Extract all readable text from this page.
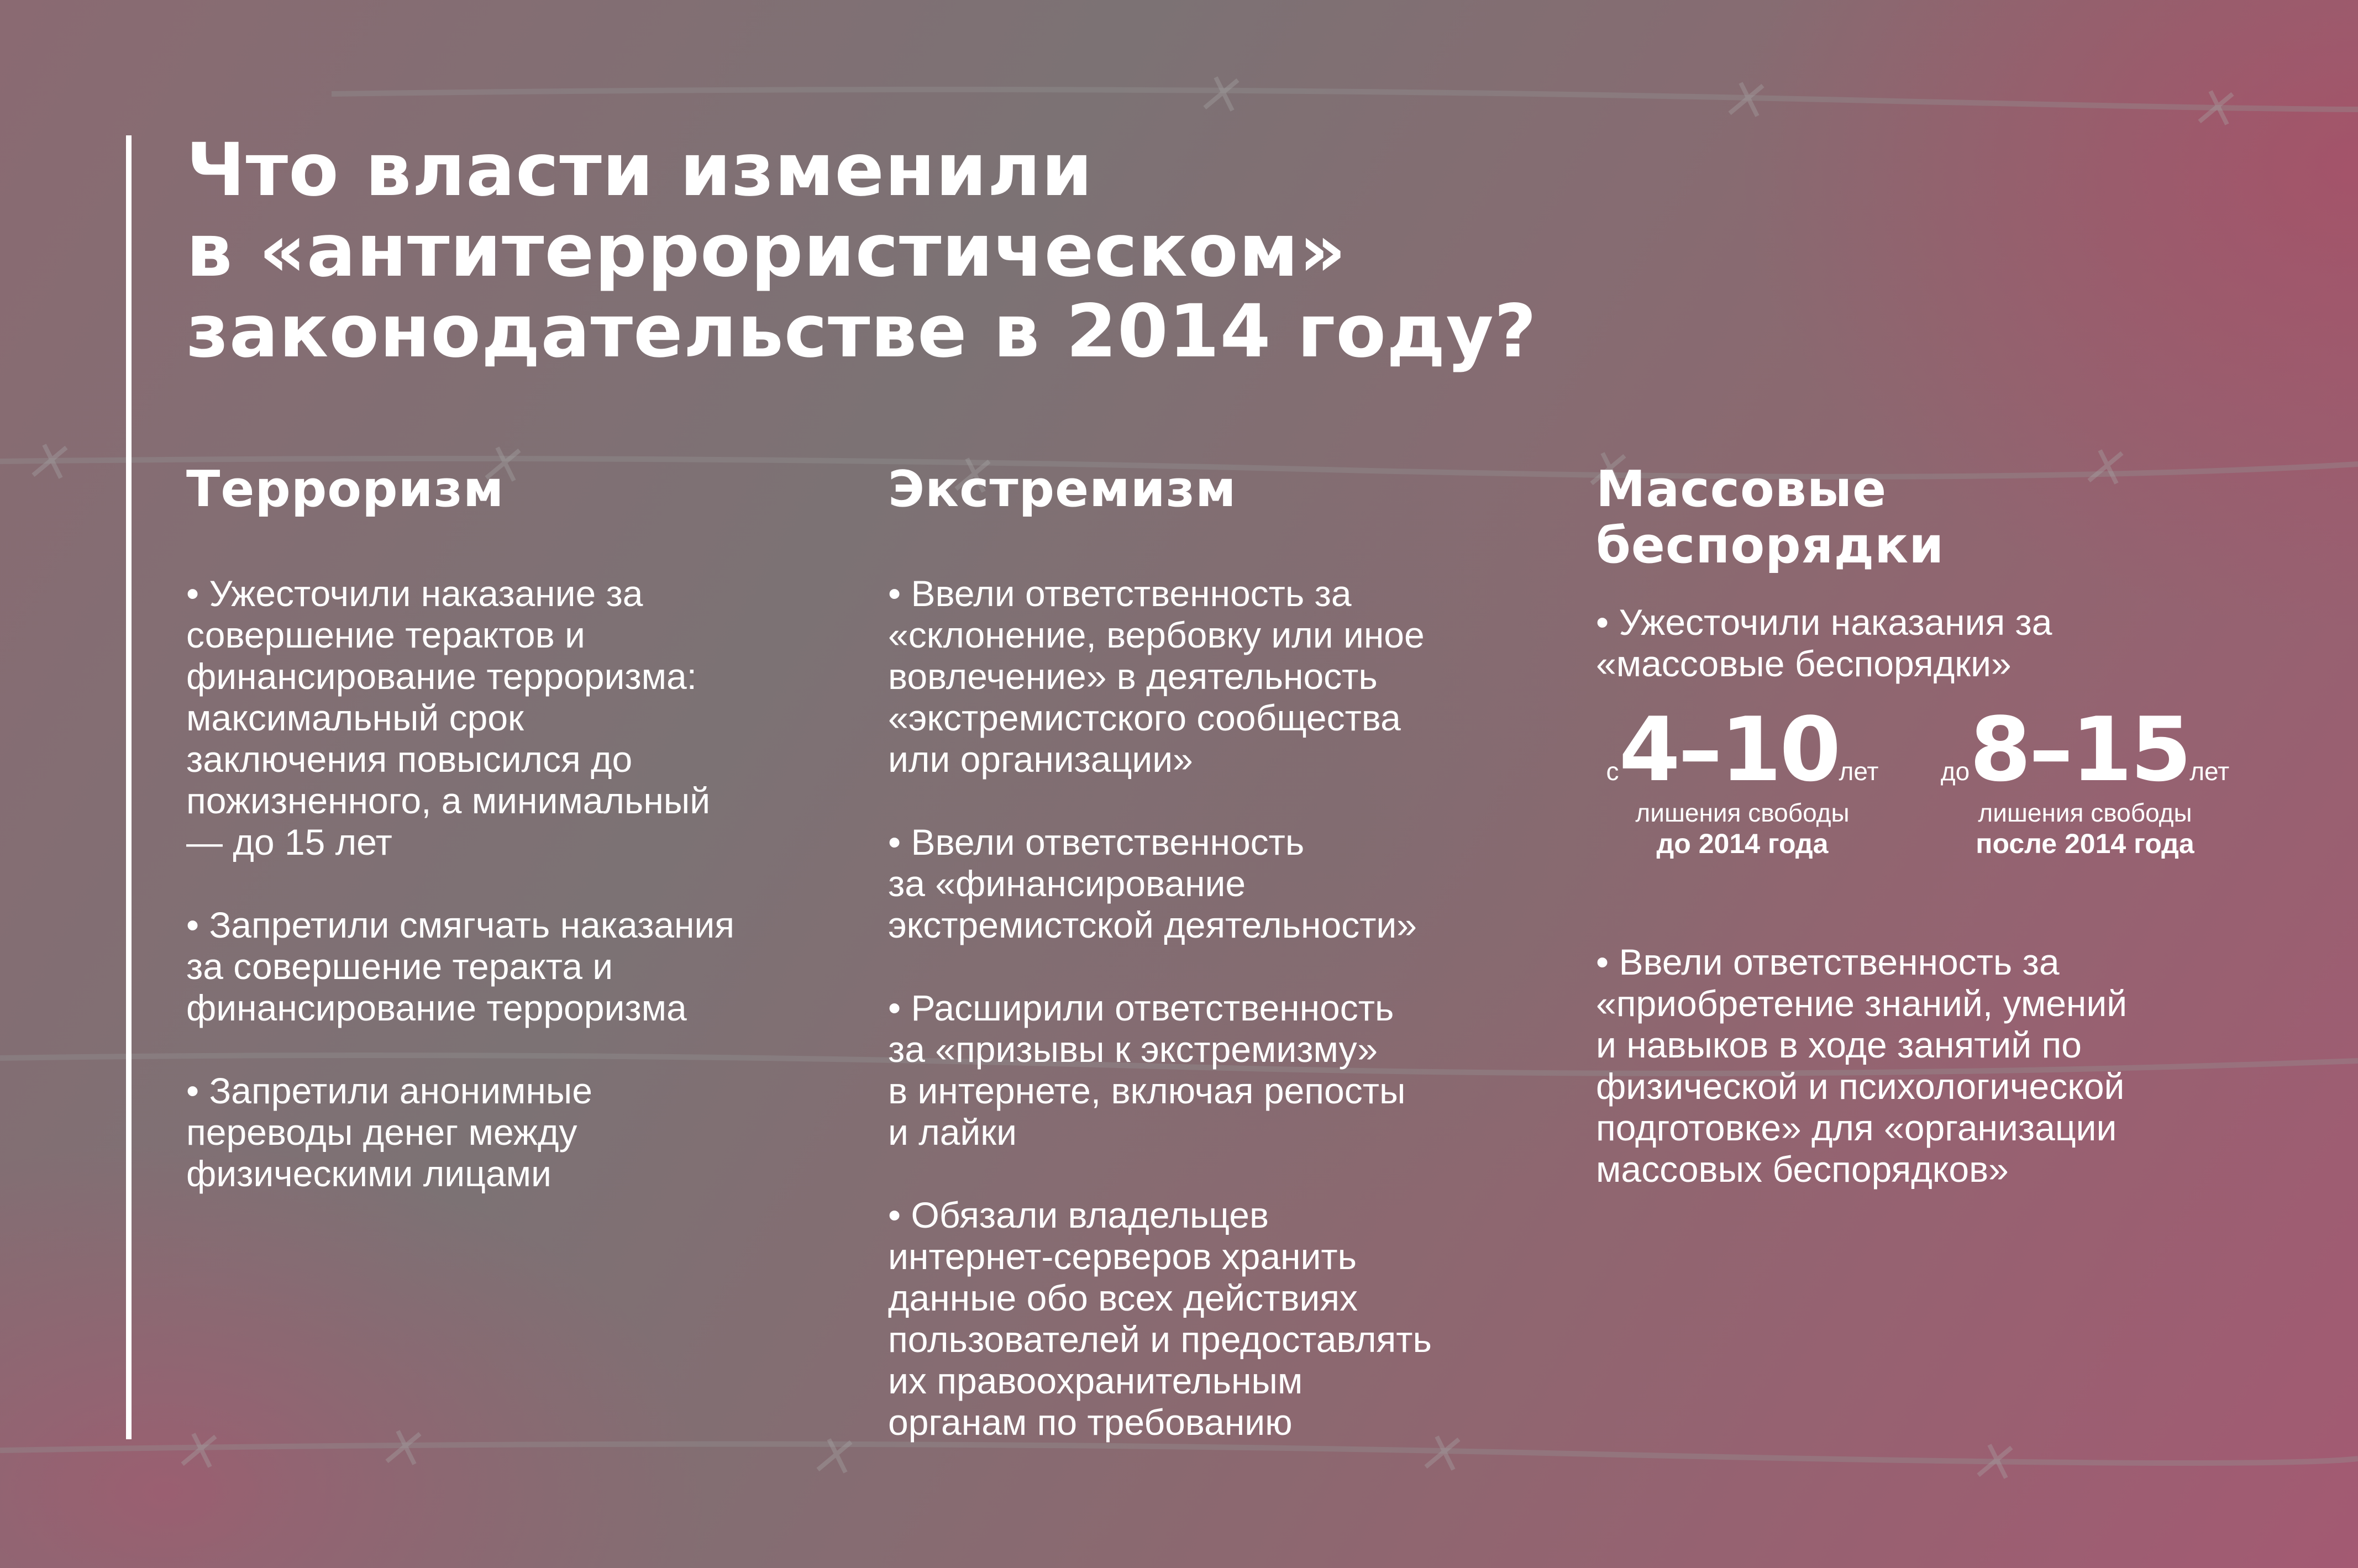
Что власти изменили
в «антитеррористическом»
законодательстве в 2014 году?
Терроризм

• Ужесточили наказание за
совершение терактов и
финансирование терроризма:
максимальный срок
заключения повысился до
пожизненного, а минимальный
— до 15 лет

• Запретили смягчать наказания
за совершение теракта и
финансирование терроризма

• Запретили анонимные
переводы денег между
физическими лицами

Экстремизм

• Ввели ответственность за
«склонение, вербовку или иное
вовлечение» в деятельность
«экстремистского сообщества
или организации»

• Ввели ответственность
за «финансирование
экстремистской деятельности»

• Расширили ответственность
за «призывы к экстремизму»
в интернете, включая репосты
и лайки

• Обязали владельцев
интернет-серверов хранить
данные обо всех действиях
пользователей и предоставлять
их правоохранительным
органам по требованию

Массовые
беспорядки

• Ужесточили наказания за
«массовые беспорядки»

с4–10лет
лишения свободы
до 2014 года
до8–15лет
лишения свободы
после 2014 года

• Ввели ответственность за
«приобретение знаний, умений
и навыков в ходе занятий по
физической и психологической
подготовке» для «организации
массовых беспорядков»
